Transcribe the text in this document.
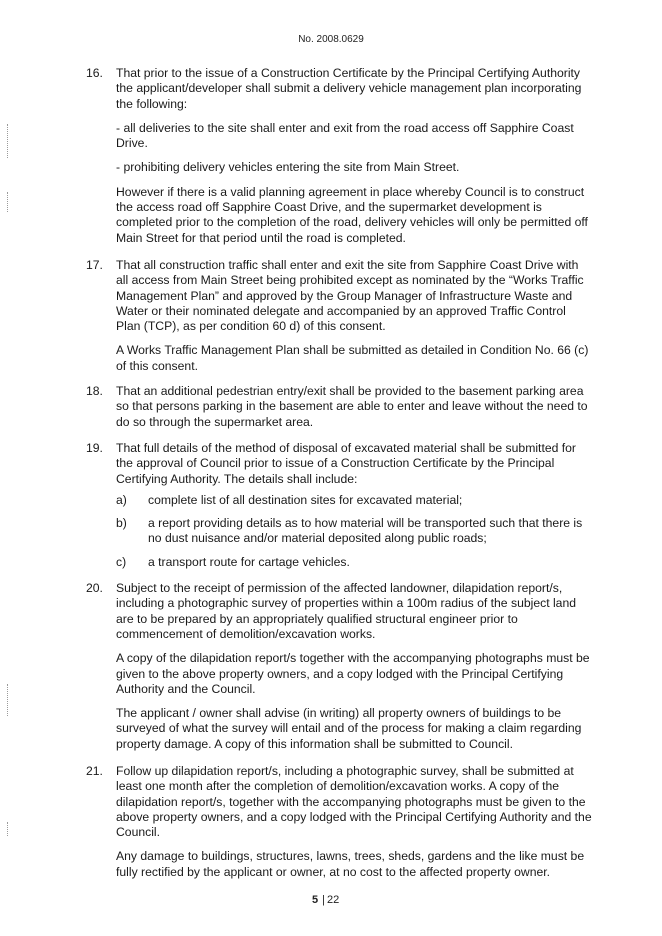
No. 2008.0629
16.	That prior to the issue of a Construction Certificate by the Principal Certifying Authority the applicant/developer shall submit a delivery vehicle management plan incorporating the following:

- all deliveries to the site shall enter and exit from the road access off Sapphire Coast Drive.

- prohibiting delivery vehicles entering the site from Main Street.

However if there is a valid planning agreement in place whereby Council is to construct the access road off Sapphire Coast Drive, and the supermarket development is completed prior to the completion of the road, delivery vehicles will only be permitted off Main Street for that period until the road is completed.

17.	That all construction traffic shall enter and exit the site from Sapphire Coast Drive with all access from Main Street being prohibited except as nominated by the “Works Traffic Management Plan” and approved by the Group Manager of Infrastructure Waste and Water or their nominated delegate and accompanied by an approved Traffic Control Plan (TCP), as per condition 60 d) of this consent.

A Works Traffic Management Plan shall be submitted as detailed in Condition No. 66 (c) of this consent.

18.	That an additional pedestrian entry/exit shall be provided to the basement parking area so that persons parking in the basement are able to enter and leave without the need to do so through the supermarket area.

19.	That full details of the method of disposal of excavated material shall be submitted for the approval of Council prior to issue of a Construction Certificate by the Principal Certifying Authority. The details shall include:

a)	complete list of all destination sites for excavated material;
b)	a report providing details as to how material will be transported such that there is no dust nuisance and/or material deposited along public roads;
c)	a transport route for cartage vehicles.
20.	Subject to the receipt of permission of the affected landowner, dilapidation report/s, including a photographic survey of properties within a 100m radius of the subject land are to be prepared by an appropriately qualified structural engineer prior to commencement of demolition/excavation works.

A copy of the dilapidation report/s together with the accompanying photographs must be given to the above property owners, and a copy lodged with the Principal Certifying Authority and the Council.

The applicant / owner shall advise (in writing) all property owners of buildings to be surveyed of what the survey will entail and of the process for making a claim regarding property damage. A copy of this information shall be submitted to Council.

21.	Follow up dilapidation report/s, including a photographic survey, shall be submitted at least one month after the completion of demolition/excavation works. A copy of the dilapidation report/s, together with the accompanying photographs must be given to the above property owners, and a copy lodged with the Principal Certifying Authority and the Council.

Any damage to buildings, structures, lawns, trees, sheds, gardens and the like must be fully rectified by the applicant or owner, at no cost to the affected property owner.

5 | 22
